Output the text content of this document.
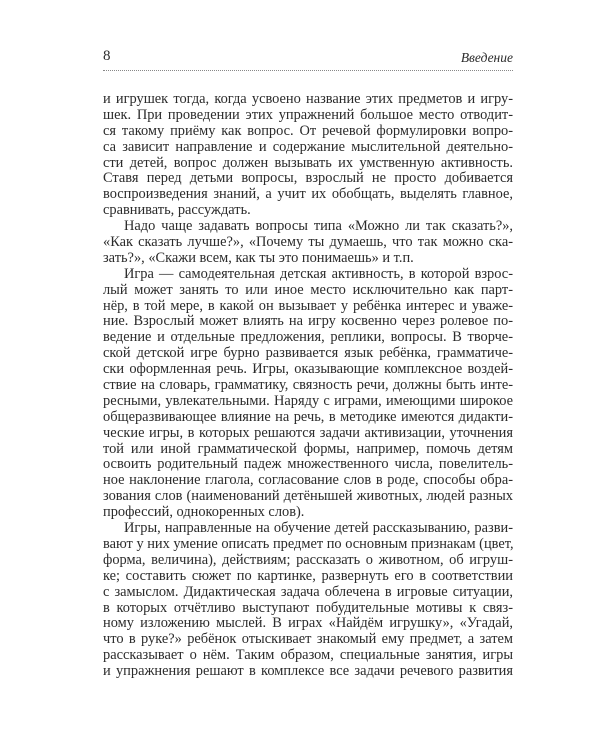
8	Введение
и игрушек тогда, когда усвоено название этих предметов и игру-
шек. При проведении этих упражнений большое место отводит-
ся такому приёму как вопрос. От речевой формулировки вопро-
са зависит направление и содержание мыслительной деятельно-
сти детей, вопрос должен вызывать их умственную активность.
Ставя перед детьми вопросы, взрослый не просто добивается
воспроизведения знаний, а учит их обобщать, выделять главное,
сравнивать, рассуждать.
Надо чаще задавать вопросы типа «Можно ли так сказать?»,
«Как сказать лучше?», «Почему ты думаешь, что так можно ска-
зать?», «Скажи всем, как ты это понимаешь» и т.п.
Игра — самодеятельная детская активность, в которой взрос-
лый может занять то или иное место исключительно как парт-
нёр, в той мере, в какой он вызывает у ребёнка интерес и уваже-
ние. Взрослый может влиять на игру косвенно через ролевое по-
ведение и отдельные предложения, реплики, вопросы. В творче-
ской детской игре бурно развивается язык ребёнка, грамматиче-
ски оформленная речь. Игры, оказывающие комплексное воздей-
ствие на словарь, грамматику, связность речи, должны быть инте-
ресными, увлекательными. Наряду с играми, имеющими широкое
общеразвивающее влияние на речь, в методике имеются дидакти-
ческие игры, в которых решаются задачи активизации, уточнения
той или иной грамматической формы, например, помочь детям
освоить родительный падеж множественного числа, повелитель-
ное наклонение глагола, согласование слов в роде, способы обра-
зования слов (наименований детёнышей животных, людей разных
профессий, однокоренных слов).
Игры, направленные на обучение детей рассказыванию, разви-
вают у них умение описать предмет по основным признакам (цвет,
форма, величина), действиям; рассказать о животном, об игруш-
ке; составить сюжет по картинке, развернуть его в соответствии
с замыслом. Дидактическая задача облечена в игровые ситуации,
в которых отчётливо выступают побудительные мотивы к связ-
ному изложению мыслей. В играх «Найдём игрушку», «Угадай,
что в руке?» ребёнок отыскивает знакомый ему предмет, а затем
рассказывает о нём. Таким образом, специальные занятия, игры
и упражнения решают в комплексе все задачи речевого развития
